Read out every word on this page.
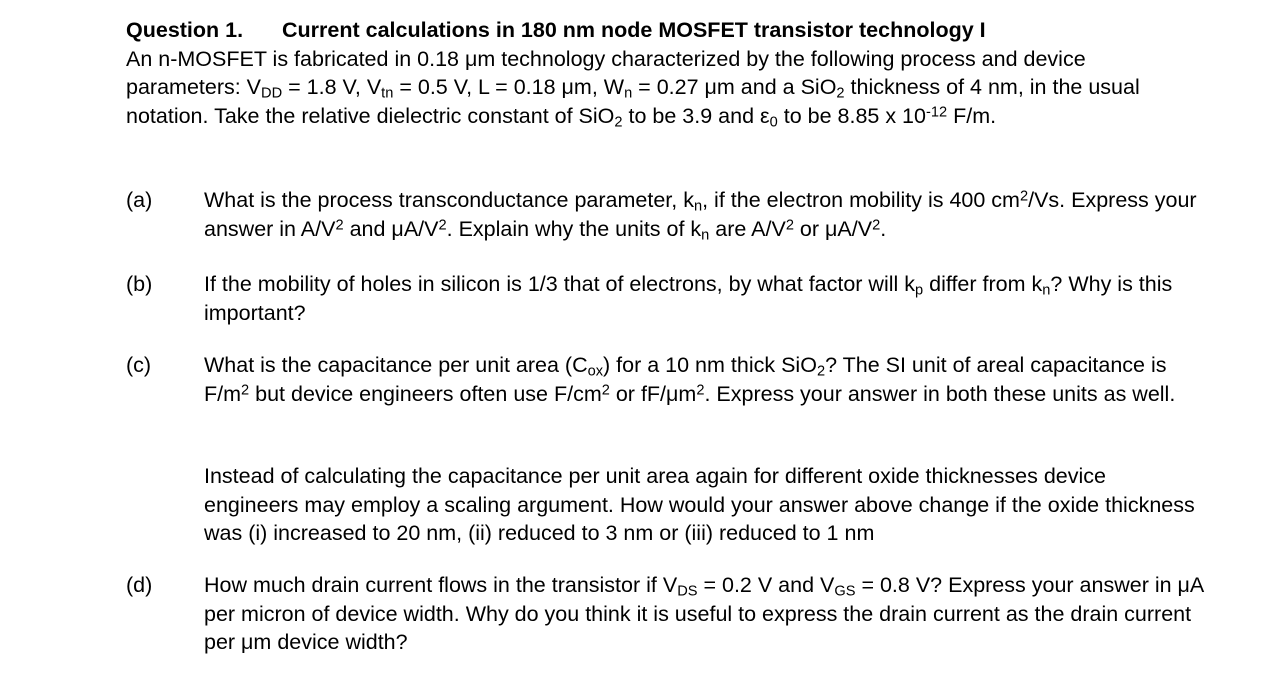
Question 1. Current calculations in 180 nm node MOSFET transistor technology I

An n-MOSFET is fabricated in 0.18 μm technology characterized by the following process and device parameters: $V_{DD} = 1.8$ V, $V_{tn} = 0.5$ V, L = 0.18 μm, $W_n = 0.27$ μm and a SiO$_2$ thickness of 4 nm, in the usual notation. Take the relative dielectric constant of SiO$_2$ to be 3.9 and $\varepsilon_0$ to be 8.85 x $10^{-12}$ F/m.

(a) What is the process transconductance parameter, $k_n$, if the electron mobility is 400 $cm^2/Vs$. Express your answer in $A/V^2$ and $\mu A/V^2$. Explain why the units of $k_n$ are $A/V^2$ or $\mu A/V^2$.
(b) If the mobility of holes in silicon is 1/3 that of electrons, by what factor will $k_p$ differ from $k_n$? Why is this important?
(c) What is the capacitance per unit area $(C_{ox})$ for a 10 nm thick SiO$_2$? The SI unit of areal capacitance is $F/m^2$ but device engineers often use $F/cm^2$ or $fF/\mu m^2$. Express your answer in both these units as well.
Instead of calculating the capacitance per unit area again for different oxide thicknesses device engineers may employ a scaling argument. How would your answer above change if the oxide thickness was (i) increased to 20 nm, (ii) reduced to 3 nm or (iii) reduced to 1 nm
(d) How much drain current flows in the transistor if $V_{DS} = 0.2$ V and $V_{GS} = 0.8$ V? Express your answer in μA per micron of device width. Why do you think it is useful to express the drain current as the drain current per μm device width?
